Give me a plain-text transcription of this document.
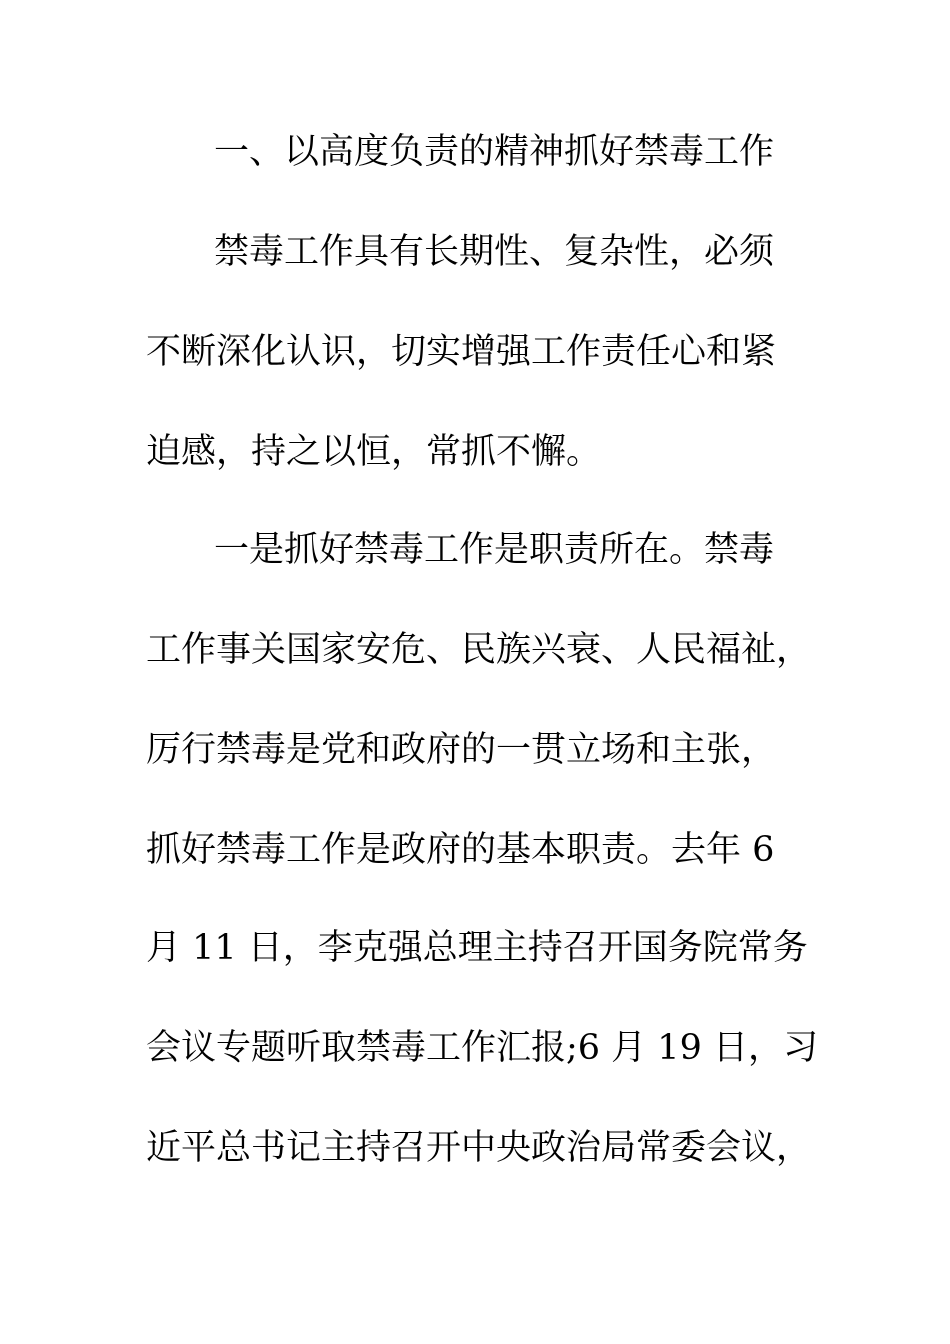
一、以高度负责的精神抓好禁毒工作
禁毒工作具有长期性、复杂性，必须
不断深化认识，切实增强工作责任心和紧
迫感，持之以恒，常抓不懈。
一是抓好禁毒工作是职责所在。禁毒
工作事关国家安危、民族兴衰、人民福祉，
厉行禁毒是党和政府的一贯立场和主张，
抓好禁毒工作是政府的基本职责。去年 6
月 11 日，李克强总理主持召开国务院常务
会议专题听取禁毒工作汇报;6 月 19 日，习
近平总书记主持召开中央政治局常委会议，
